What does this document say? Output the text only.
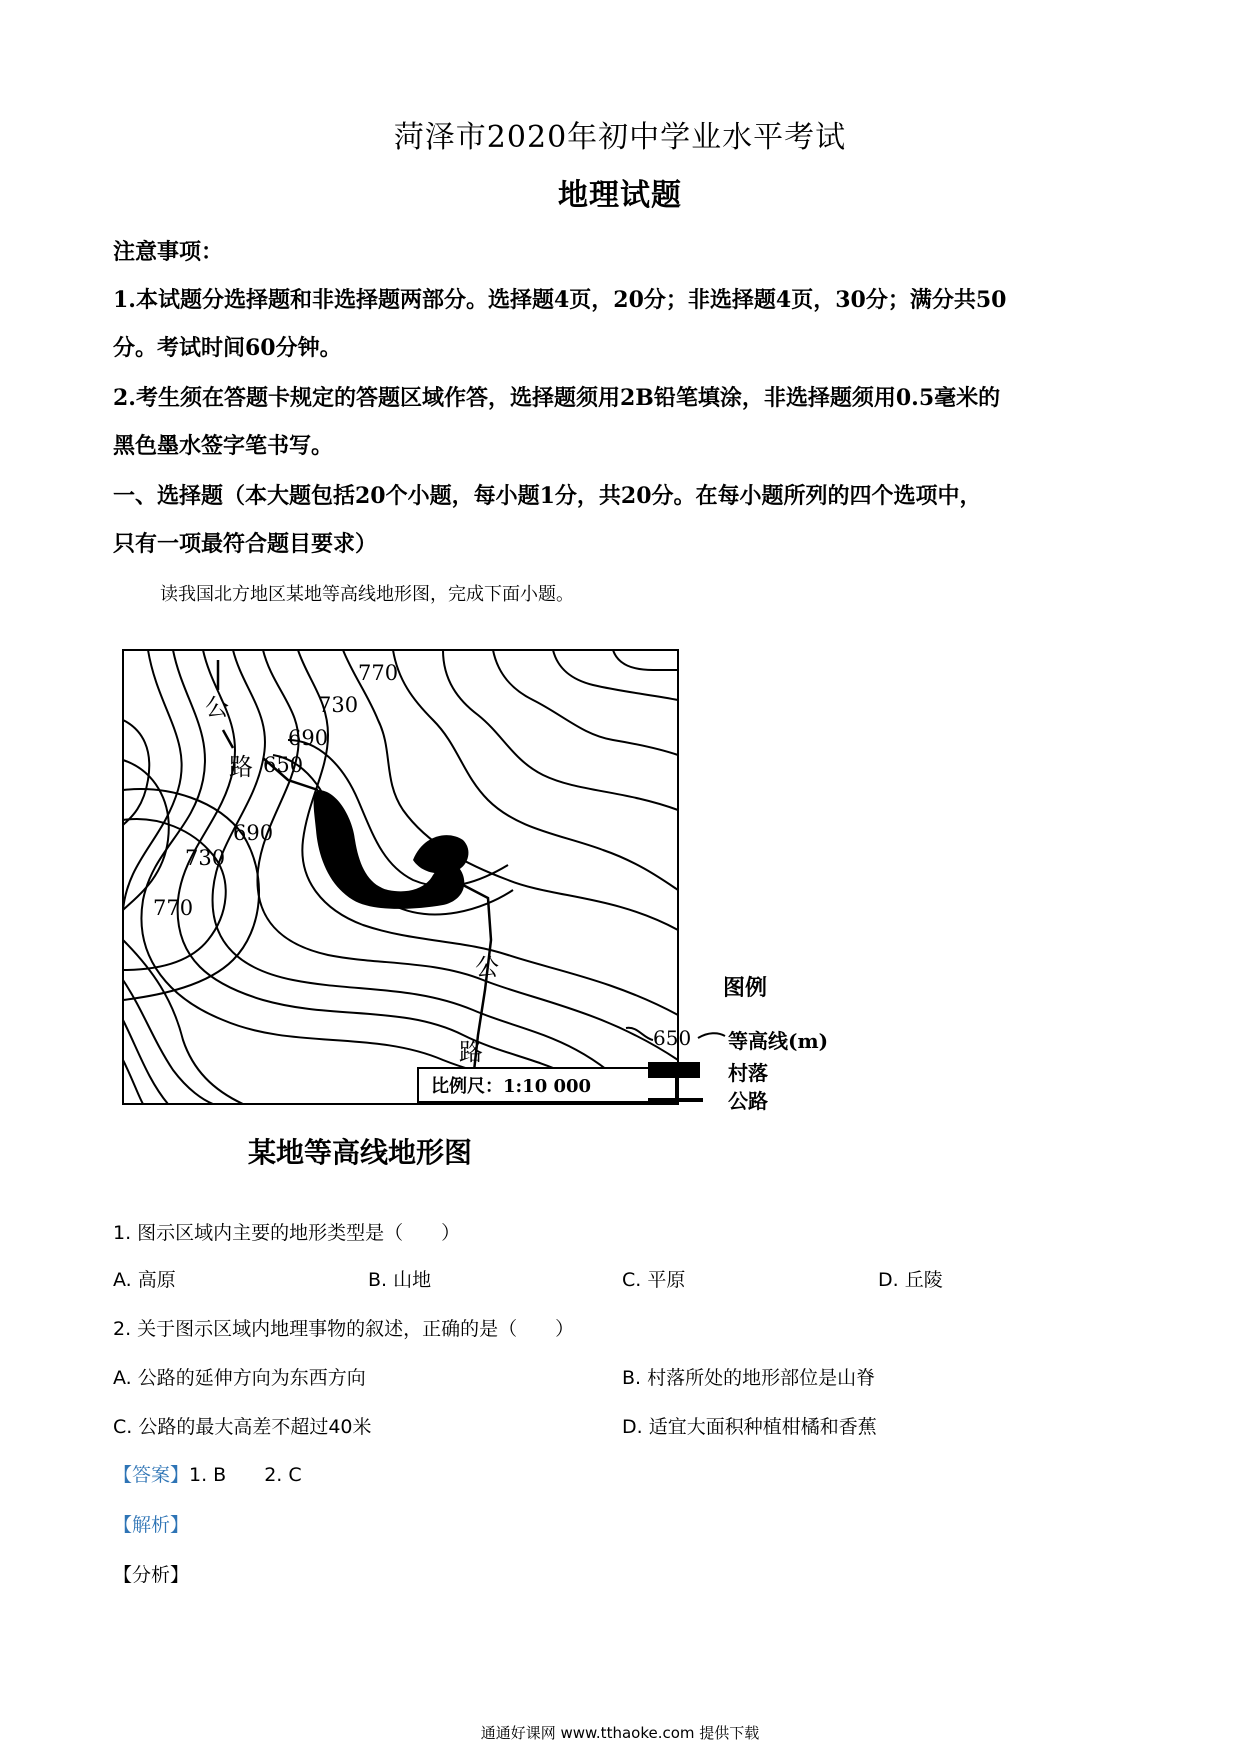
菏泽市2020年初中学业水平考试
地理试题
注意事项：
1.本试题分选择题和非选择题两部分。选择题4页，20分；非选择题4页，30分；满分共50
分。考试时间60分钟。
2.考生须在答题卡规定的答题区域作答，选择题须用2B铅笔填涂，非选择题须用0.5毫米的
黑色墨水签字笔书写。
一、选择题（本大题包括20个小题，每小题1分，共20分。在每小题所列的四个选项中，
只有一项最符合题目要求）
读我国北方地区某地等高线地形图，完成下面小题。
770
730
690
650
690
730
770
公
路
公
路
比例尺：1:10 000
某地等高线地形图
图例
650 等高线(m)
村落
公路
1. 图示区域内主要的地形类型是（　　）
A. 高原	B. 山地	C. 平原	D. 丘陵
2. 关于图示区域内地理事物的叙述，正确的是（　　）
A. 公路的延伸方向为东西方向	B. 村落所处的地形部位是山脊
C. 公路的最大高差不超过40米	D. 适宜大面积种植柑橘和香蕉
【答案】1. B　　2. C
【解析】
【分析】
通通好课网 www.tthaoke.com 提供下载
